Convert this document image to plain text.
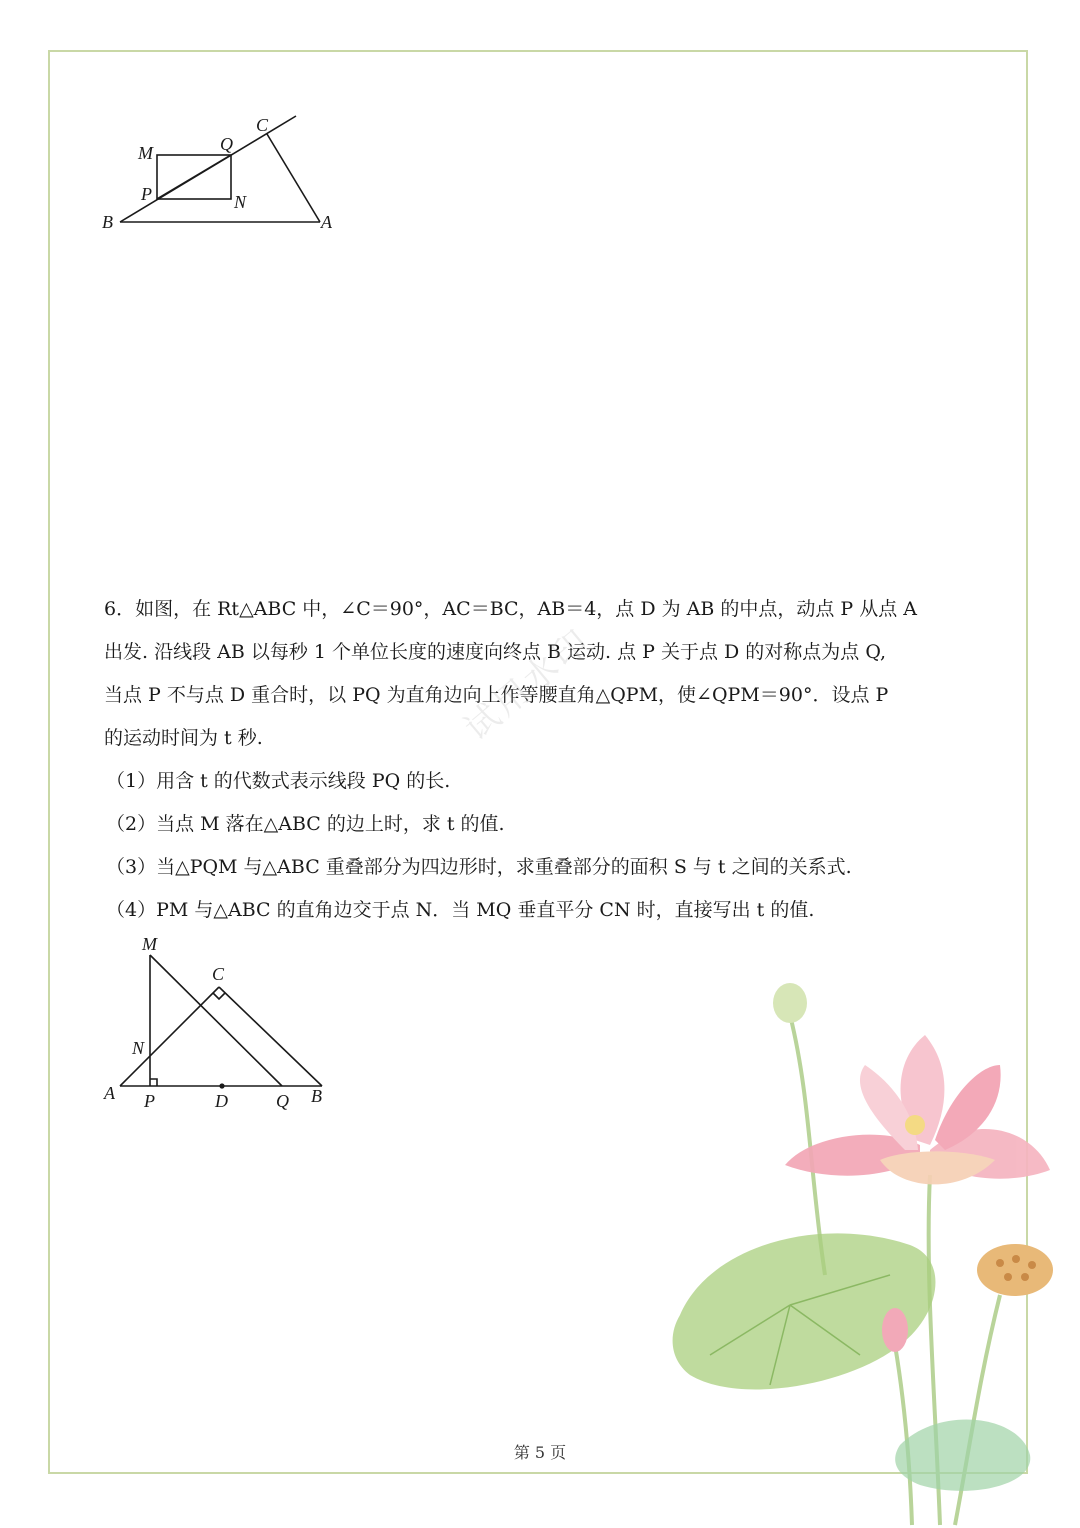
M	Q
C
P	N
B	A

6．如图，在 Rt△ABC 中，∠C＝90°，AC＝BC，AB＝4，点 D 为 AB 的中点，动点 P 从点 A

出发. 沿线段 AB 以每秒 1 个单位长度的速度向终点 B 运动. 点 P 关于点 D 的对称点为点 Q,

当点 P 不与点 D 重合时，以 PQ 为直角边向上作等腰直角△QPM，使∠QPM＝90°．设点 P

的运动时间为 t 秒.

（1）用含 t 的代数式表示线段 PQ 的长.

（2）当点 M 落在△ABC 的边上时，求 t 的值.

（3）当△PQM 与△ABC 重叠部分为四边形时，求重叠部分的面积 S 与 t 之间的关系式.

（4）PM 与△ABC 的直角边交于点 N．当 MQ 垂直平分 CN 时，直接写出 t 的值.

试用水印
M
C
N
A P	D	Q B
第 5 页
